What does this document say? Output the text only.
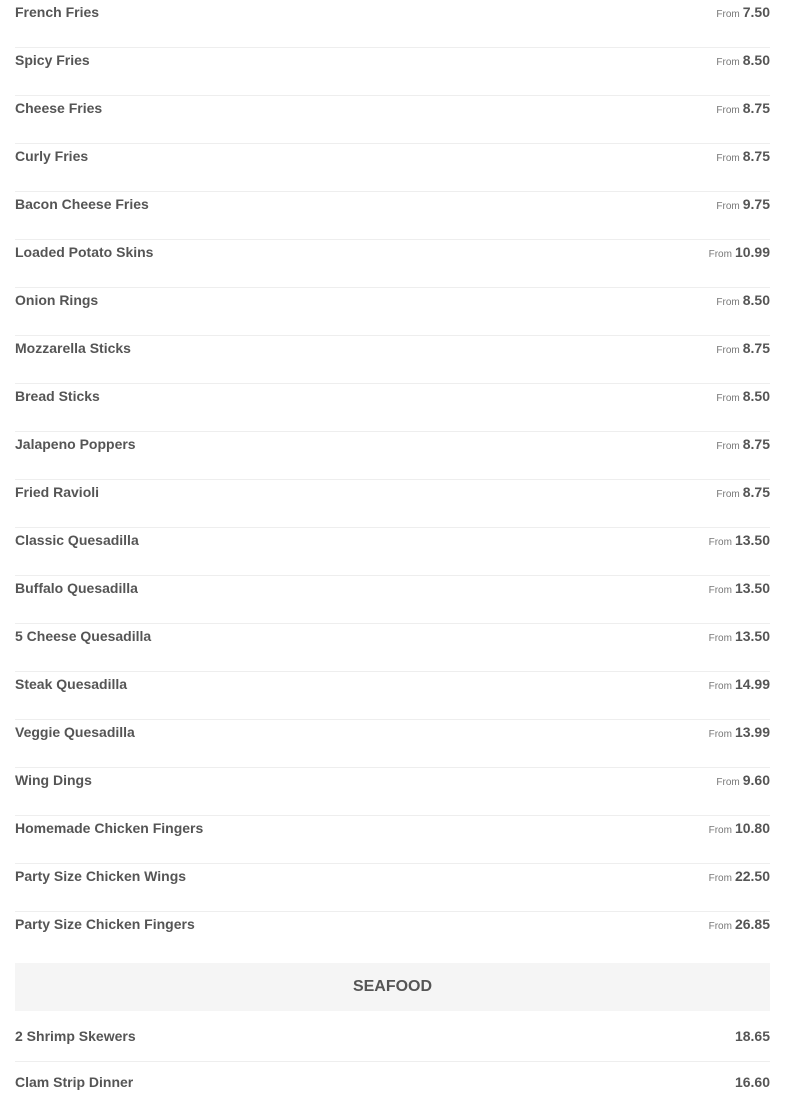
French Fries	From 7.50
Spicy Fries	From 8.50
Cheese Fries	From 8.75
Curly Fries	From 8.75
Bacon Cheese Fries	From 9.75
Loaded Potato Skins	From 10.99
Onion Rings	From 8.50
Mozzarella Sticks	From 8.75
Bread Sticks	From 8.50
Jalapeno Poppers	From 8.75
Fried Ravioli	From 8.75
Classic Quesadilla	From 13.50
Buffalo Quesadilla	From 13.50
5 Cheese Quesadilla	From 13.50
Steak Quesadilla	From 14.99
Veggie Quesadilla	From 13.99
Wing Dings	From 9.60
Homemade Chicken Fingers	From 10.80
Party Size Chicken Wings	From 22.50
Party Size Chicken Fingers	From 26.85
SEAFOOD
2 Shrimp Skewers	18.65
Clam Strip Dinner	16.60
